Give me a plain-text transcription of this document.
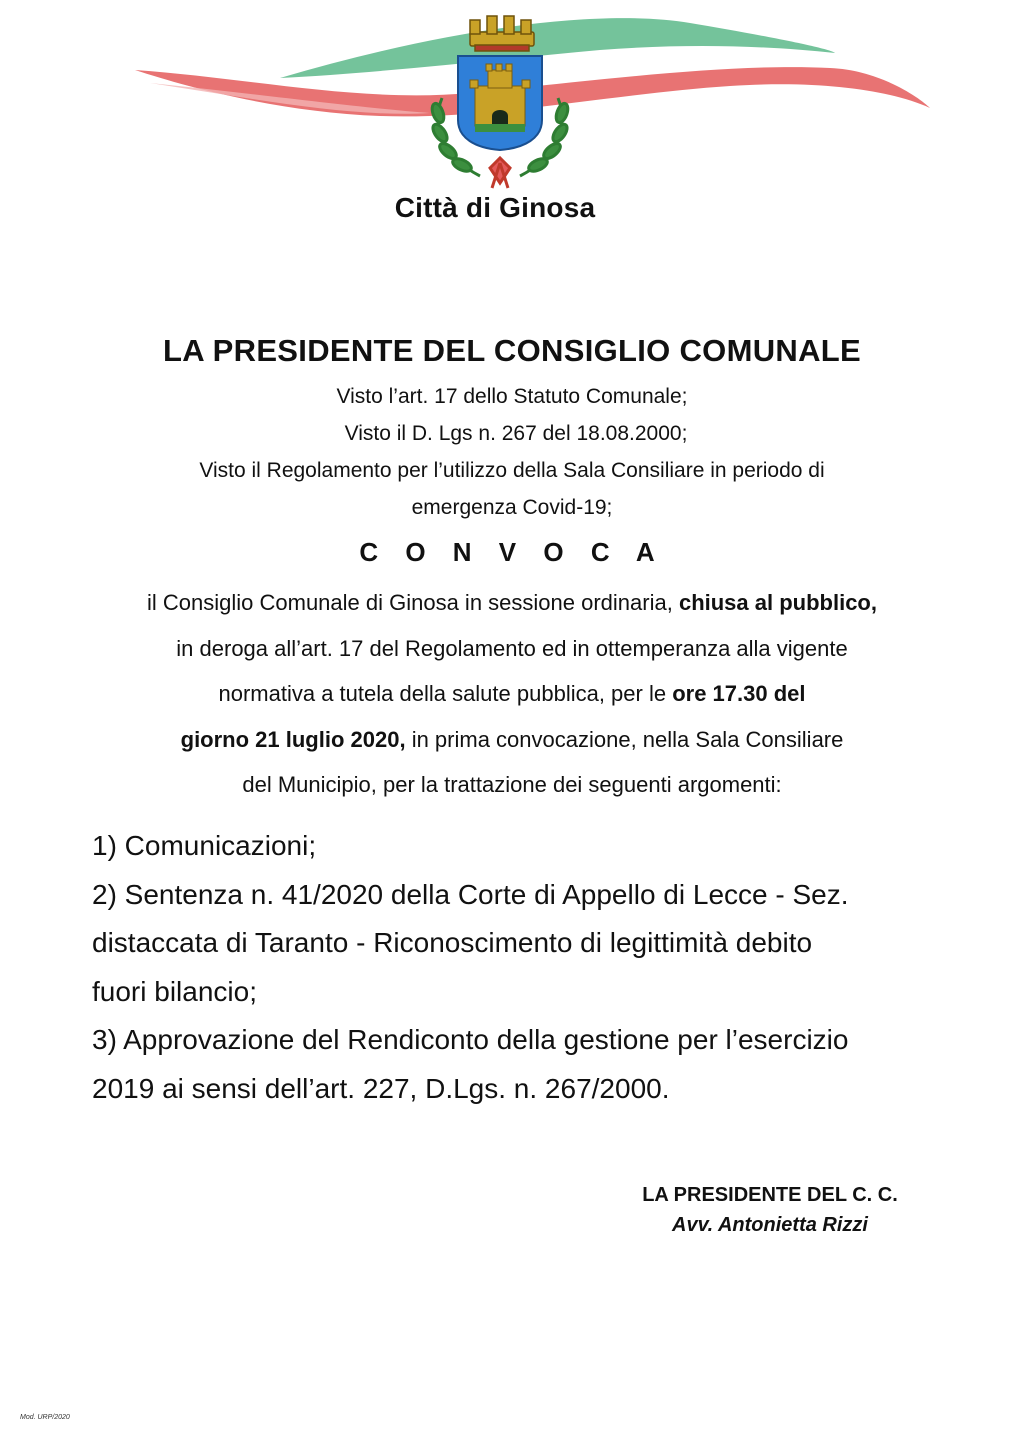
Città di Ginosa
LA PRESIDENTE DEL CONSIGLIO COMUNALE
Visto l’art. 17 dello Statuto Comunale;
Visto il D. Lgs n. 267 del 18.08.2000;
Visto il Regolamento per l’utilizzo della Sala Consiliare in periodo di
emergenza Covid-19;
C O N V O C A
il Consiglio Comunale di Ginosa in sessione ordinaria, chiusa al pubblico,
in deroga all’art. 17 del Regolamento ed in ottemperanza alla vigente
normativa a tutela della salute pubblica, per le ore 17.30 del
giorno 21 luglio 2020, in prima convocazione, nella Sala Consiliare
del Municipio, per la trattazione dei seguenti argomenti:
1) Comunicazioni;
2) Sentenza n. 41/2020 della Corte di Appello di Lecce - Sez.
distaccata di Taranto - Riconoscimento di legittimità debito
fuori bilancio;
3) Approvazione del Rendiconto della gestione per l’esercizio
2019 ai sensi dell’art. 227, D.Lgs. n. 267/2000.
LA PRESIDENTE DEL C. C.
Avv. Antonietta Rizzi
Mod. URP/2020
